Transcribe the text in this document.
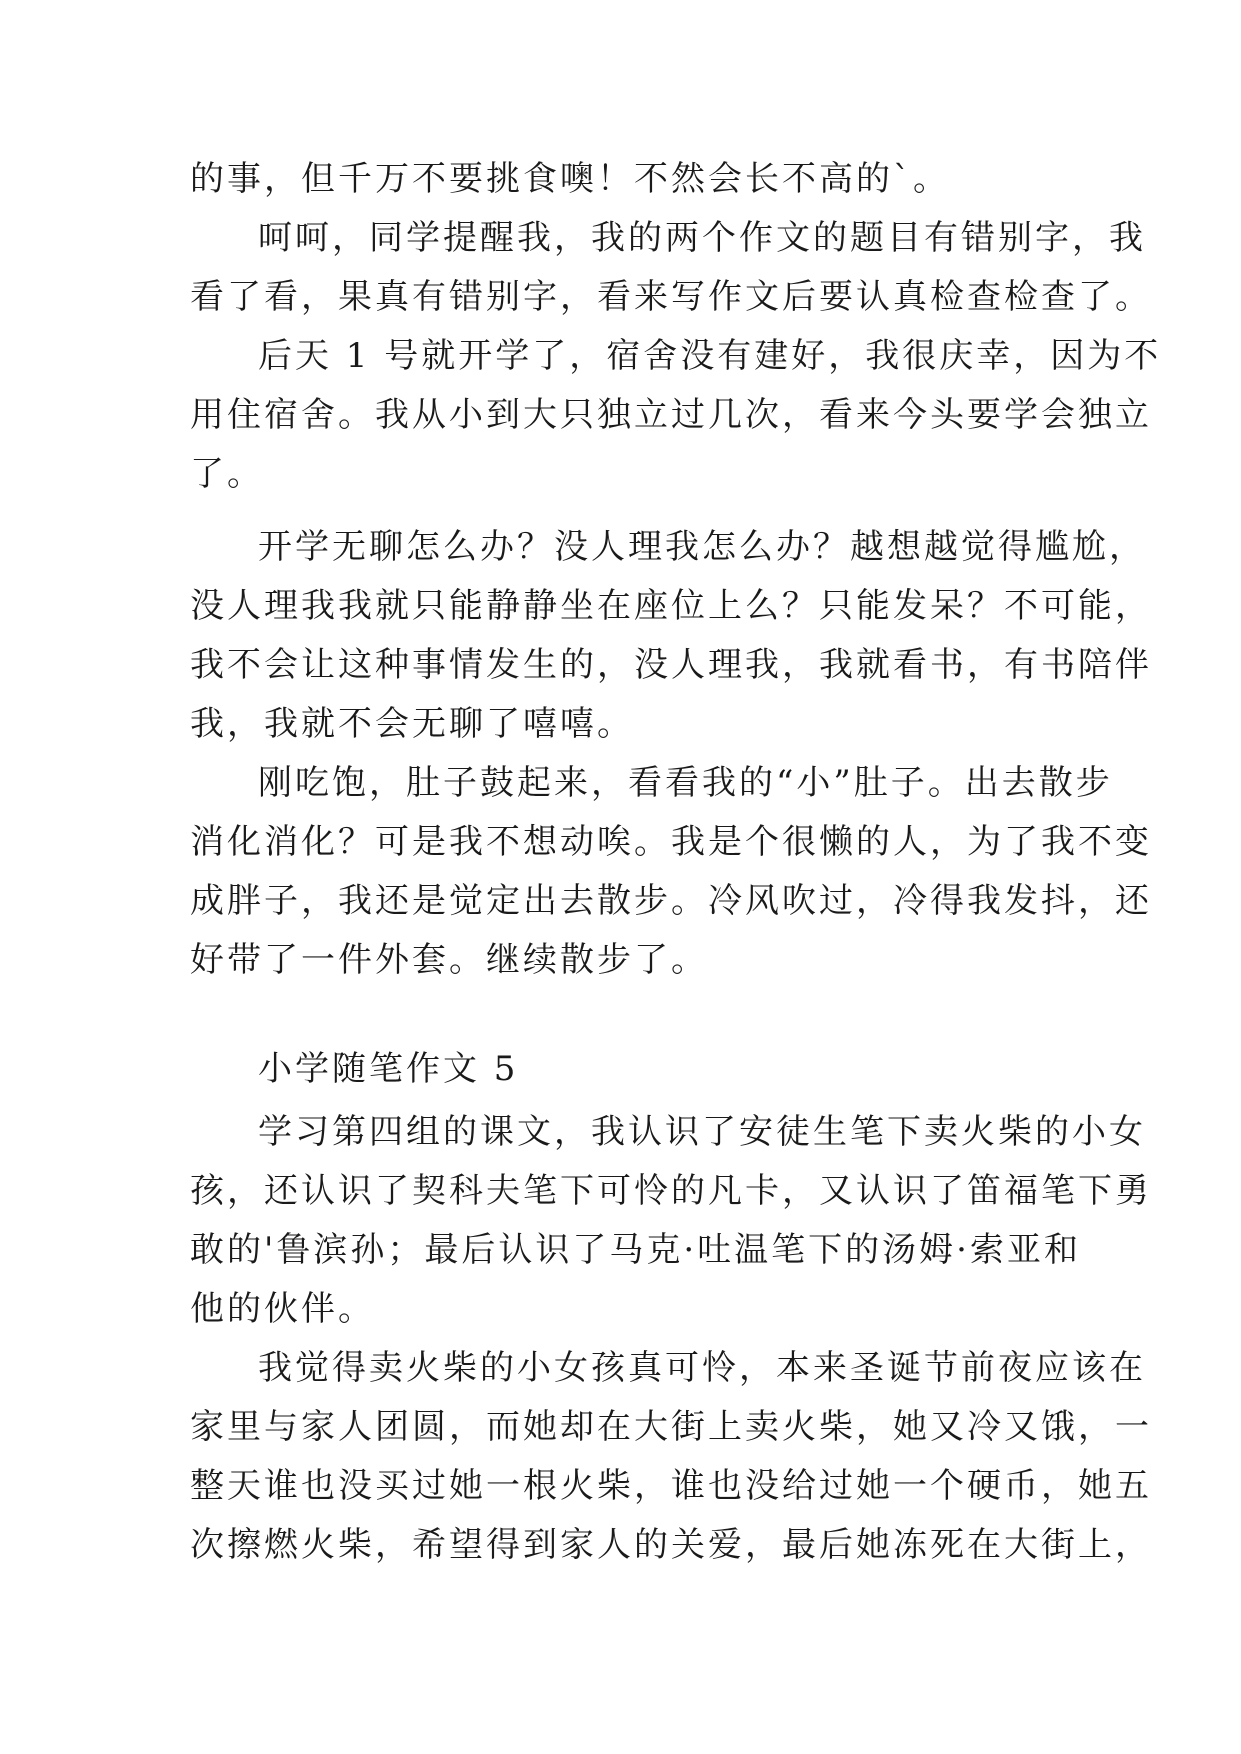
的事，但千万不要挑食噢！不然会长不高的`。
呵呵，同学提醒我，我的两个作文的题目有错别字，我
看了看，果真有错别字，看来写作文后要认真检查检查了。
后天 1 号就开学了，宿舍没有建好，我很庆幸，因为不
用住宿舍。我从小到大只独立过几次，看来今头要学会独立
了。
开学无聊怎么办？没人理我怎么办？越想越觉得尴尬，
没人理我我就只能静静坐在座位上么？只能发呆？不可能，
我不会让这种事情发生的，没人理我，我就看书，有书陪伴
我，我就不会无聊了嘻嘻。
刚吃饱，肚子鼓起来，看看我的“小”肚子。出去散步
消化消化？可是我不想动唉。我是个很懒的人，为了我不变
成胖子，我还是觉定出去散步。冷风吹过，冷得我发抖，还
好带了一件外套。继续散步了。
小学随笔作文 5
学习第四组的课文，我认识了安徒生笔下卖火柴的小女
孩，还认识了契科夫笔下可怜的凡卡，又认识了笛福笔下勇
敢的'鲁滨孙；最后认识了马克·吐温笔下的汤姆·索亚和
他的伙伴。
我觉得卖火柴的小女孩真可怜，本来圣诞节前夜应该在
家里与家人团圆，而她却在大街上卖火柴，她又冷又饿，一
整天谁也没买过她一根火柴，谁也没给过她一个硬币，她五
次擦燃火柴，希望得到家人的关爱，最后她冻死在大街上，
